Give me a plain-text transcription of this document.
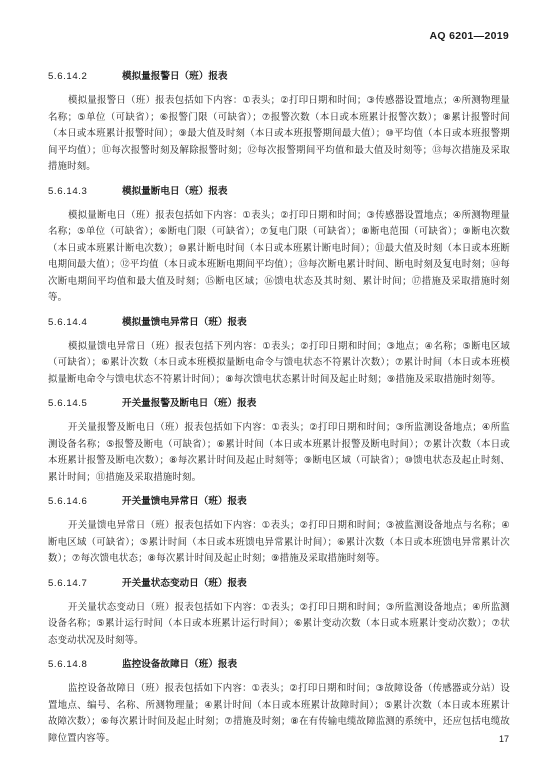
AQ 6201—2019
5.6.14.2	模拟量报警日（班）报表

模拟量报警日（班）报表包括如下内容：①表头；②打印日期和时间；③传感器设置地点；④所测物理量名称；⑤单位（可缺省）；⑥报警门限（可缺省）；⑦报警次数（本日或本班累计报警次数）；⑧累计报警时间（本日或本班累计报警时间）；⑨最大值及时刻（本日或本班报警期间最大值）；⑩平均值（本日或本班报警期间平均值）；⑪每次报警时刻及解除报警时刻；⑫每次报警期间平均值和最大值及时刻等；⑬每次措施及采取措施时刻。

5.6.14.3	模拟量断电日（班）报表

模拟量断电日（班）报表包括如下内容：①表头；②打印日期和时间；③传感器设置地点；④所测物理量名称；⑤单位（可缺省）；⑥断电门限（可缺省）；⑦复电门限（可缺省）；⑧断电范围（可缺省）；⑨断电次数（本日或本班累计断电次数）；⑩累计断电时间（本日或本班累计断电时间）；⑪最大值及时刻（本日或本班断电期间最大值）；⑫平均值（本日或本班断电期间平均值）；⑬每次断电累计时间、断电时刻及复电时刻；⑭每次断电期间平均值和最大值及时刻；⑮断电区域；⑯馈电状态及其时刻、累计时间；⑰措施及采取措施时刻等。

5.6.14.4	模拟量馈电异常日（班）报表

模拟量馈电异常日（班）报表包括下列内容：①表头；②打印日期和时间；③地点；④名称；⑤断电区域（可缺省）；⑥累计次数（本日或本班模拟量断电命令与馈电状态不符累计次数）；⑦累计时间（本日或本班模拟量断电命令与馈电状态不符累计时间）；⑧每次馈电状态累计时间及起止时刻；⑨措施及采取措施时刻等。

5.6.14.5	开关量报警及断电日（班）报表

开关量报警及断电日（班）报表包括如下内容：①表头；②打印日期和时间；③所监测设备地点；④所监测设备名称；⑤报警及断电（可缺省）；⑥累计时间（本日或本班累计报警及断电时间）；⑦累计次数（本日或本班累计报警及断电次数）；⑧每次累计时间及起止时刻等；⑨断电区域（可缺省）；⑩馈电状态及起止时刻、累计时间；⑪措施及采取措施时刻。

5.6.14.6	开关量馈电异常日（班）报表

开关量馈电异常日（班）报表包括如下内容：①表头；②打印日期和时间；③被监测设备地点与名称；④断电区域（可缺省）；⑤累计时间（本日或本班馈电异常累计时间）；⑥累计次数（本日或本班馈电异常累计次数）；⑦每次馈电状态；⑧每次累计时间及起止时刻；⑨措施及采取措施时刻等。

5.6.14.7	开关量状态变动日（班）报表

开关量状态变动日（班）报表包括如下内容：①表头；②打印日期和时间；③所监测设备地点；④所监测设备名称；⑤累计运行时间（本日或本班累计运行时间）；⑥累计变动次数（本日或本班累计变动次数）；⑦状态变动状况及时刻等。

5.6.14.8	监控设备故障日（班）报表

监控设备故障日（班）报表包括如下内容：①表头；②打印日期和时间；③故障设备（传感器或分站）设置地点、编号、名称、所测物理量；④累计时间（本日或本班累计故障时间）；⑤累计次数（本日或本班累计故障次数）；⑥每次累计时间及起止时刻；⑦措施及时刻；⑧在有传输电缆故障监测的系统中，还应包括电缆故障位置内容等。	17
